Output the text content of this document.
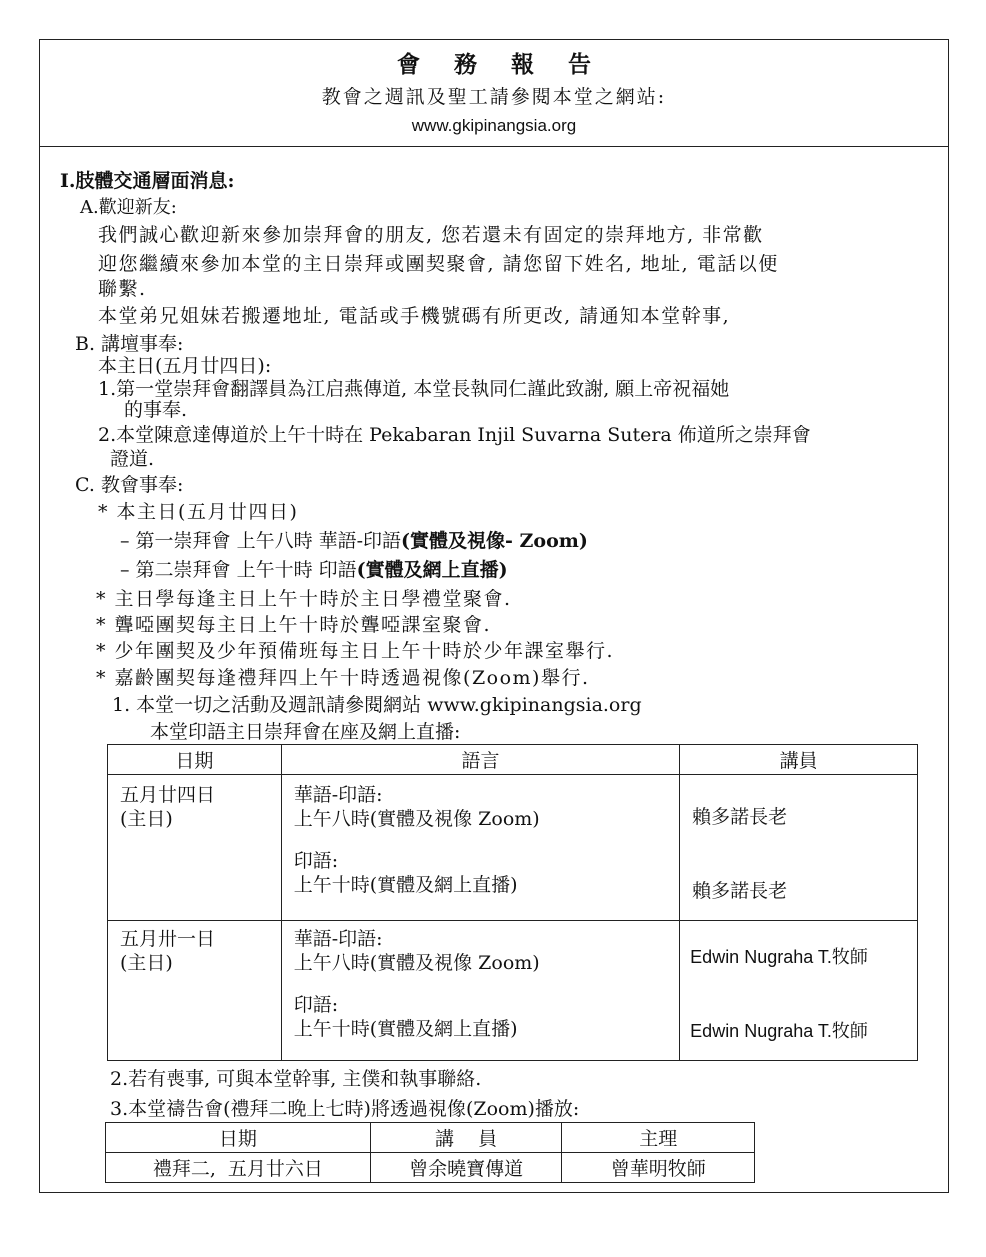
會務報告
教會之週訊及聖工請參閱本堂之網站:
www.gkipinangsia.org
I.肢體交通層面消息:
A.歡迎新友:
我們誠心歡迎新來參加崇拜會的朋友, 您若還未有固定的崇拜地方, 非常歡
迎您繼續來參加本堂的主日崇拜或團契聚會, 請您留下姓名, 地址, 電話以便
聯繫.
本堂弟兄姐妹若搬遷地址, 電話或手機號碼有所更改, 請通知本堂幹事,
B. 講壇事奉:
本主日(五月廿四日):
1.第一堂崇拜會翻譯員為江启燕傳道, 本堂長執同仁謹此致謝, 願上帝祝福她
的事奉.
2.本堂陳意達傳道於上午十時在 Pekabaran Injil Suvarna Sutera 佈道所之崇拜會
證道.
C. 教會事奉:
* 本主日(五月廿四日)
– 第一崇拜會 上午八時 華語-印語(實體及視像- Zoom)
– 第二崇拜會 上午十時 印語(實體及網上直播)
* 主日學每逢主日上午十時於主日學禮堂聚會.
* 聾啞團契每主日上午十時於聾啞課室聚會.
* 少年團契及少年預備班每主日上午十時於少年課室舉行.
* 嘉齡團契每逢禮拜四上午十時透過視像(Zoom)舉行.
1. 本堂一切之活動及週訊請參閱網站 www.gkipinangsia.org
本堂印語主日崇拜會在座及網上直播:
日期	語言	講員

五月廿四日
(主日)	華語-印語:
上午八時(實體及視像 Zoom)
印語:
上午十時(實體及網上直播)	賴多諾長老
賴多諾長老

五月卅一日
(主日)	華語-印語:
上午八時(實體及視像 Zoom)
印語:
上午十時(實體及網上直播)	Edwin Nugraha T.牧師
Edwin Nugraha T.牧師
2.若有喪事, 可與本堂幹事, 主僕和執事聯絡.
3.本堂禱告會(禮拜二晚上七時)將透過視像(Zoom)播放:
日期	講    員	主理
禮拜二,  五月廿六日	曾余曉寶傳道	曾華明牧師
